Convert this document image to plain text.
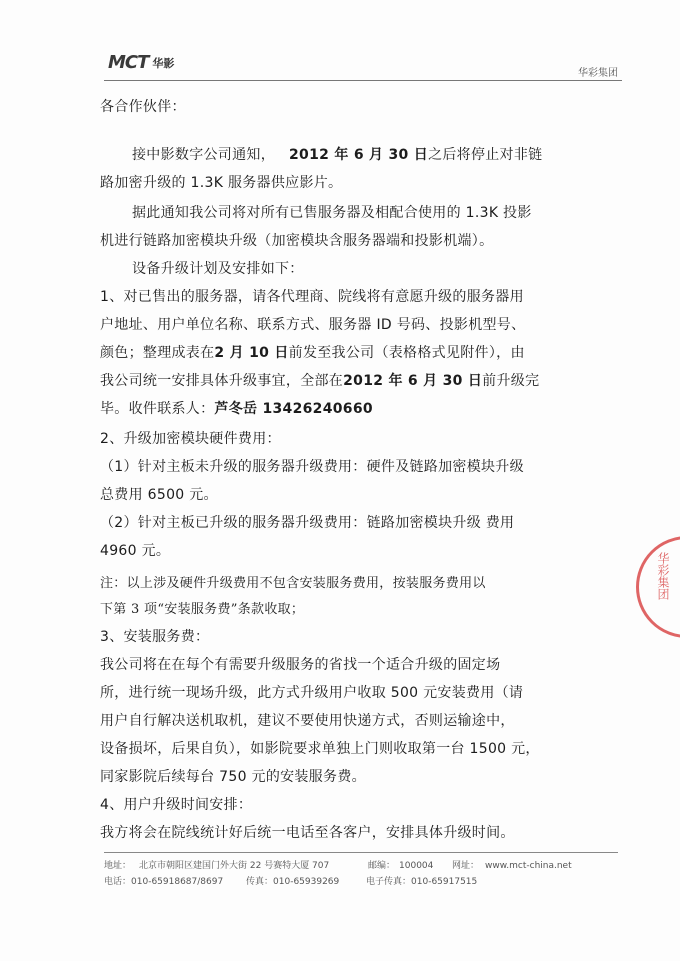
MCT 华影
华彩集团
各合作伙伴：
接中影数字公司通知， 2012 年 6 月 30 日之后将停止对非链
路加密升级的 1.3K 服务器供应影片。
据此通知我公司将对所有已售服务器及相配合使用的 1.3K 投影
机进行链路加密模块升级（加密模块含服务器端和投影机端）。
设备升级计划及安排如下：
1、对已售出的服务器，请各代理商、院线将有意愿升级的服务器用
户地址、用户单位名称、联系方式、服务器 ID 号码、投影机型号、
颜色；整理成表在2 月 10 日前发至我公司（表格格式见附件），由
我公司统一安排具体升级事宜，全部在2012 年 6 月 30 日前升级完
毕。收件联系人：芦冬岳 13426240660
2、升级加密模块硬件费用：
（1）针对主板未升级的服务器升级费用：硬件及链路加密模块升级
总费用 6500 元。
（2）针对主板已升级的服务器升级费用：链路加密模块升级 费用
4960 元。
注：以上涉及硬件升级费用不包含安装服务费用，按装服务费用以
下第 3 项“安装服务费”条款收取；
3、安装服务费：
我公司将在在每个有需要升级服务的省找一个适合升级的固定场
所，进行统一现场升级，此方式升级用户收取 500 元安装费用（请
用户自行解决送机取机，建议不要使用快递方式，否则运输途中，
设备损坏，后果自负），如影院要求单独上门则收取第一台 1500 元，
同家影院后续每台 750 元的安装服务费。
4、用户升级时间安排：
我方将会在院线统计好后统一电话至各客户，安排具体升级时间。
地址： 北京市朝阳区建国门外大街 22 号赛特大厦 707	邮编： 100004 网址： www.mct-china.net
电话：010-65918687/8697	传真：010-65939269	电子传真：010-65917515
华彩集团
